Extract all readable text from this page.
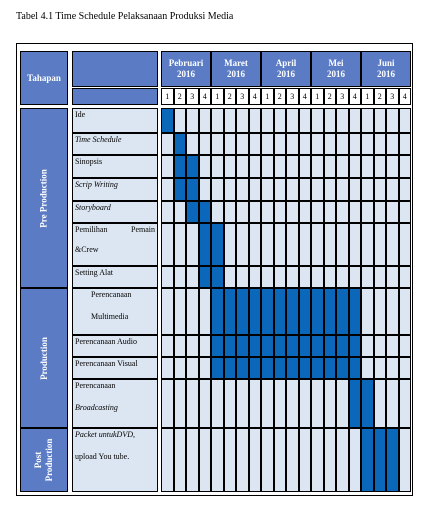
Tabel 4.1 Time Schedule Pelaksanaan Produksi Media
Tahapan
Pebruari
2016
Maret
2016
April
2016
Mei
2016
Juni
2016
1 2 3 4 1 2 3 4 1 2 3 4 1 2 3 4 1 2 3 4
Pre Production
Production
Post Production
Ide
Time Schedule
Sinopsis
Scrip Writing
Storyboard
Pemilihan Pemain
&Crew
Setting Alat
Perencanaan
Multimedia
Perencanaan Audio
Perencanaan Visual
Perencanaan
Broadcasting
Packet untukDVD,
upload You tube.
